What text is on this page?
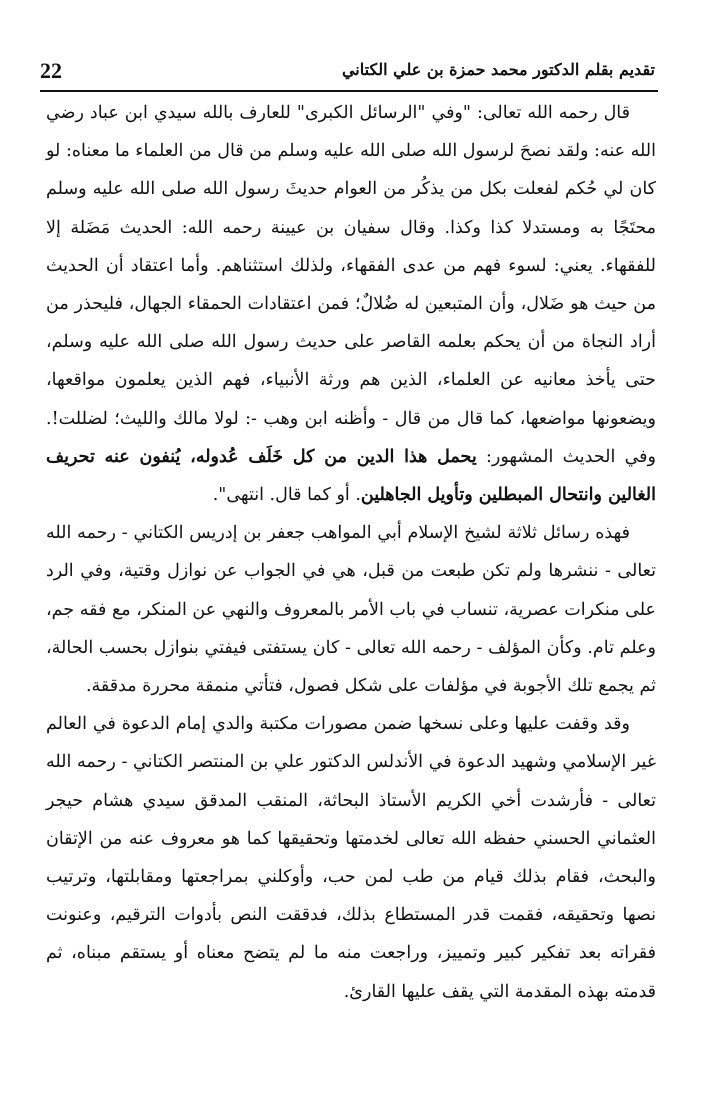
22	تقديم بقلم الدكتور محمد حمزة بن علي الكتاني

قال رحمه الله تعالى: "وفي "الرسائل الكبرى" للعارف بالله سيدي ابن عباد رضي الله عنه: ولقد نصحَ لرسول الله صلى الله عليه وسلم من قال من العلماء ما معناه: لو كان لي حُكم لفعلت بكل من يذكُر من العوام حديثَ رسول الله صلى الله عليه وسلم محتَجًا به ومستدلا كذا وكذا. وقال سفيان بن عيينة رحمه الله: الحديث مَضَلة إلا للفقهاء. يعني: لسوء فهم من عدى الفقهاء، ولذلك استثناهم. وأما اعتقاد أن الحديث من حيث هو ضَلال، وأن المتبعين له ضُلالٌ؛ فمن اعتقادات الحمقاء الجهال، فليحذر من أراد النجاة من أن يحكم بعلمه القاصر على حديث رسول الله صلى الله عليه وسلم، حتى يأخذ معانيه عن العلماء، الذين هم ورثة الأنبياء، فهم الذين يعلمون مواقعها، ويضعونها مواضعها، كما قال من قال - وأظنه ابن وهب -: لولا مالك والليث؛ لضللت!. وفي الحديث المشهور: يحمل هذا الدين من كل خَلَف عُدوله، يُنفون عنه تحريف الغالين وانتحال المبطلين وتأويل الجاهلين. أو كما قال. انتهى".

فهذه رسائل ثلاثة لشيخ الإسلام أبي المواهب جعفر بن إدريس الكتاني - رحمه الله تعالى - ننشرها ولم تكن طبعت من قبل، هي في الجواب عن نوازل وقتية، وفي الرد على منكرات عصرية، تنساب في باب الأمر بالمعروف والنهي عن المنكر، مع فقه جم، وعلم تام. وكأن المؤلف - رحمه الله تعالى - كان يستفتى فيفتي بنوازل بحسب الحالة، ثم يجمع تلك الأجوبة في مؤلفات على شكل فصول، فتأتي منمقة محررة مدققة.

وقد وقفت عليها وعلى نسخها ضمن مصورات مكتبة والدي إمام الدعوة في العالم غير الإسلامي وشهيد الدعوة في الأندلس الدكتور علي بن المنتصر الكتاني - رحمه الله تعالى - فأرشدت أخي الكريم الأستاذ البحاثة، المنقب المدقق سيدي هشام حيجر العثماني الحسني حفظه الله تعالى لخدمتها وتحقيقها كما هو معروف عنه من الإتقان والبحث، فقام بذلك قيام من طب لمن حب، وأوكلني بمراجعتها ومقابلتها، وترتيب نصها وتحقيقه، فقمت قدر المستطاع بذلك، فدققت النص بأدوات الترقيم، وعنونت فقراته بعد تفكير كبير وتمييز، وراجعت منه ما لم يتضح معناه أو يستقم مبناه، ثم قدمته بهذه المقدمة التي يقف عليها القارئ.
